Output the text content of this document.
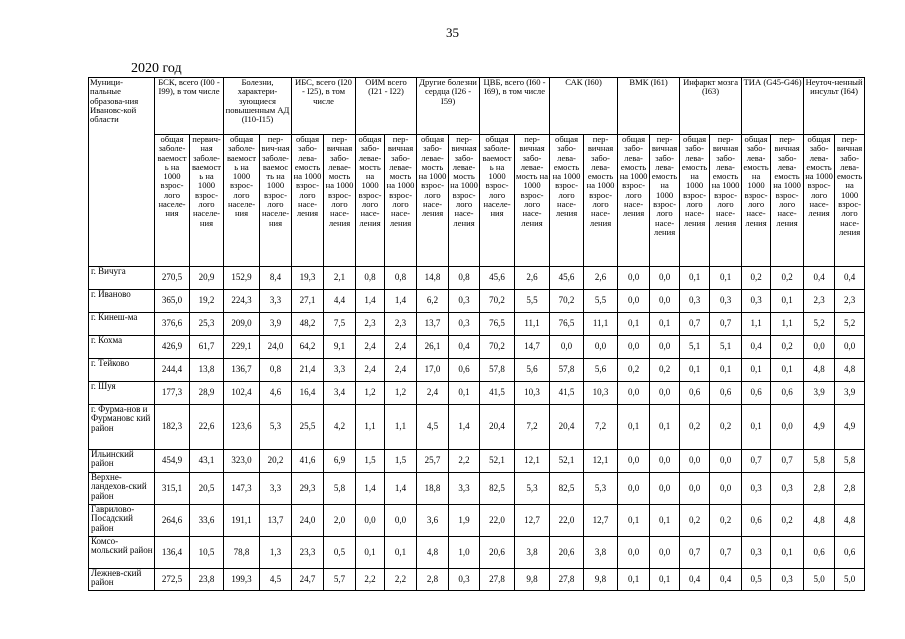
35
2020 год
Муници-пальные образова-ния Ивановс-кой области	БСК, всего (I00 - I99), в том числе		Болезни, характери-зующиеся повышенным АД (I10-I15)		ИБС, всего (I20 - I25), в том числе		ОИМ всего (I21 - I22)		Другие болезни сердца (I26 - I59)		ЦВБ, всего (I60 - I69), в том числе		САК (I60)		ВМК (I61)		Инфаркт мозга (I63)		ТИА (G45-G46)		Неуточ-ненный инсульт (I64)	
	общая заболе-ваемость на 1000 взрос-лого населе-ния	первич-ная заболе-ваемость на 1000 взрос-лого населе-ния	общая заболе-ваемост ь на 1000 взрос-лого населе-ния	пер-вич-ная заболе-ваемос ть на 1000 взрос-лого населе-ния	общая забо-лева-емость на 1000 взрос-лого насе-ления	пер-вичная забо-левае-мость на 1000 взрос-лого насе-ления	общая забо-левае-мость на 1000 взрос-лого насе-ления	пер-вичная забо-левае-мость на 1000 взрос-лого насе-ления	общая забо-левае-мость на 1000 взрос-лого насе-ления	пер-вичная забо-левае-мость на 1000 взрос-лого насе-ления	общая заболе-ваемость на 1000 взрос-лого населе-ния	пер-вичная забо-левае-мость на 1000 взрос-лого насе-ления	общая забо-лева-емость на 1000 взрос-лого насе-ления	пер-вичная забо-лева-емость на 1000 взрос-лого насе-ления	общая забо-лева-емость на 1000 взрос-лого насе-ления	пер-вичная забо-лева-емость на 1000 взрос-лого насе-ления	общая забо-лева-емость на 1000 взрос-лого насе-ления	пер-вичная забо-лева-емость на 1000 взрос-лого насе-ления	общая забо-лева-емость на 1000 взрос-лого насе-ления	пер-вичная забо-лева-емость на 1000 взрос-лого насе-ления	общая забо-лева-емость на 1000 взрос-лого насе-ления	пер-вичная забо-лева-емость на 1000 взрос-лого насе-ления
г. Вичуга	270,5	20,9	152,9	8,4	19,3	2,1	0,8	0,8	14,8	0,8	45,6	2,6	45,6	2,6	0,0	0,0	0,1	0,1	0,2	0,2	0,4	0,4
г. Иваново	365,0	19,2	224,3	3,3	27,1	4,4	1,4	1,4	6,2	0,3	70,2	5,5	70,2	5,5	0,0	0,0	0,3	0,3	0,3	0,1	2,3	2,3
г. Кинеш-ма	376,6	25,3	209,0	3,9	48,2	7,5	2,3	2,3	13,7	0,3	76,5	11,1	76,5	11,1	0,1	0,1	0,7	0,7	1,1	1,1	5,2	5,2
г. Кохма	426,9	61,7	229,1	24,0	64,2	9,1	2,4	2,4	26,1	0,4	70,2	14,7	0,0	0,0	0,0	0,0	5,1	5,1	0,4	0,2	0,0	0,0
г. Тейково	244,4	13,8	136,7	0,8	21,4	3,3	2,4	2,4	17,0	0,6	57,8	5,6	57,8	5,6	0,2	0,2	0,1	0,1	0,1	0,1	4,8	4,8
г. Шуя	177,3	28,9	102,4	4,6	16,4	3,4	1,2	1,2	2,4	0,1	41,5	10,3	41,5	10,3	0,0	0,0	0,6	0,6	0,6	0,6	3,9	3,9
г. Фурма-нов и Фурмановс кий район	182,3	22,6	123,6	5,3	25,5	4,2	1,1	1,1	4,5	1,4	20,4	7,2	20,4	7,2	0,1	0,1	0,2	0,2	0,1	0,0	4,9	4,9
Ильинский район	454,9	43,1	323,0	20,2	41,6	6,9	1,5	1,5	25,7	2,2	52,1	12,1	52,1	12,1	0,0	0,0	0,0	0,0	0,7	0,7	5,8	5,8
Верхне-ландехов-ский район	315,1	20,5	147,3	3,3	29,3	5,8	1,4	1,4	18,8	3,3	82,5	5,3	82,5	5,3	0,0	0,0	0,0	0,0	0,3	0,3	2,8	2,8
Гаврилово-Посадский район	264,6	33,6	191,1	13,7	24,0	2,0	0,0	0,0	3,6	1,9	22,0	12,7	22,0	12,7	0,1	0,1	0,2	0,2	0,6	0,2	4,8	4,8
Комсо-мольский район	136,4	10,5	78,8	1,3	23,3	0,5	0,1	0,1	4,8	1,0	20,6	3,8	20,6	3,8	0,0	0,0	0,7	0,7	0,3	0,1	0,6	0,6
Лежнев-ский район	272,5	23,8	199,3	4,5	24,7	5,7	2,2	2,2	2,8	0,3	27,8	9,8	27,8	9,8	0,1	0,1	0,4	0,4	0,5	0,3	5,0	5,0
